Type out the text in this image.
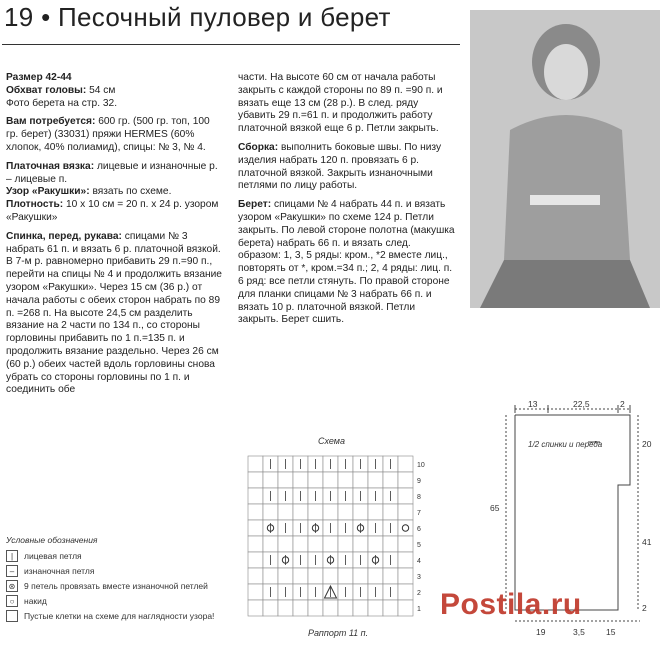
19 • Песочный пуловер и берет

Размер 42-44

Обхват головы: 54 см

Фото берета на стр. 32.

Вам потребуется: 600 гр. (500 гр. топ, 100 гр. берет) (33031) пряжи HERMES (60% хлопок, 40% полиамид), спицы: № 3, № 4.

Платочная вязка: лицевые и изнаночные р. – лицевые п.

Узор «Ракушки»: вязать по схеме.

Плотность: 10 х 10 см = 20 п. х 24 р. узором «Ракушки»

Спинка, перед, рукава: спицами № 3 набрать 61 п. и вязать 6 р. платочной вязкой. В 7-м р. равномерно прибавить 29 п.=90 п., перейти на спицы № 4 и продолжить вязание узором «Ракушки». Через 15 см (36 р.) от начала работы с обеих сторон набрать по 89 п. =268 п. На высоте 24,5 см разделить вязание на 2 части по 134 п., со стороны горловины прибавить по 1 п.=135 п. и продолжить вязание раздельно. Через 26 см (60 р.) обеих частей вдоль горловины снова убрать со стороны горловины по 1 п. и соединить обе

части. На высоте 60 см от начала работы закрыть с каждой стороны по 89 п. =90 п. и вязать еще 13 см (28 р.). В след. ряду убавить 29 п.=61 п. и продолжить работу платочной вязкой еще 6 р. Петли закрыть.

Сборка: выполнить боковые швы. По низу изделия набрать 120 п. провязать 6 р. платочной вязкой. Закрыть изнаночными петлями по лицу работы.

Берет: спицами № 4 набрать 44 п. и вязать узором «Ракушки» по схеме 124 р. Петли закрыть. По левой стороне полотна (макушка берета) набрать 66 п. и вязать след. образом: 1, 3, 5 ряды: кром., *2 вместе лиц., повторять от *, кром.=34 п.; 2, 4 ряды: лиц. п. 6 ряд: все петли стянуть. По правой стороне для планки спицами № 3 набрать 66 п. и вязать 10 р. платочной вязкой. Петли закрыть. Берет сшить.

Схема
10
9
8
7
6
5
4
3
2
1
Раппорт 11 п.
Условные обозначения
|	лицевая петля
–	изнаночная петля
⊛	9 петель провязать вместе изнаночной петлей
○	накид
Пустые клетки на схеме для наглядности узора!
13	22,5	2
20
41
65
19	3,5 15
2
1/2 спинки и переда
Postila.ru
